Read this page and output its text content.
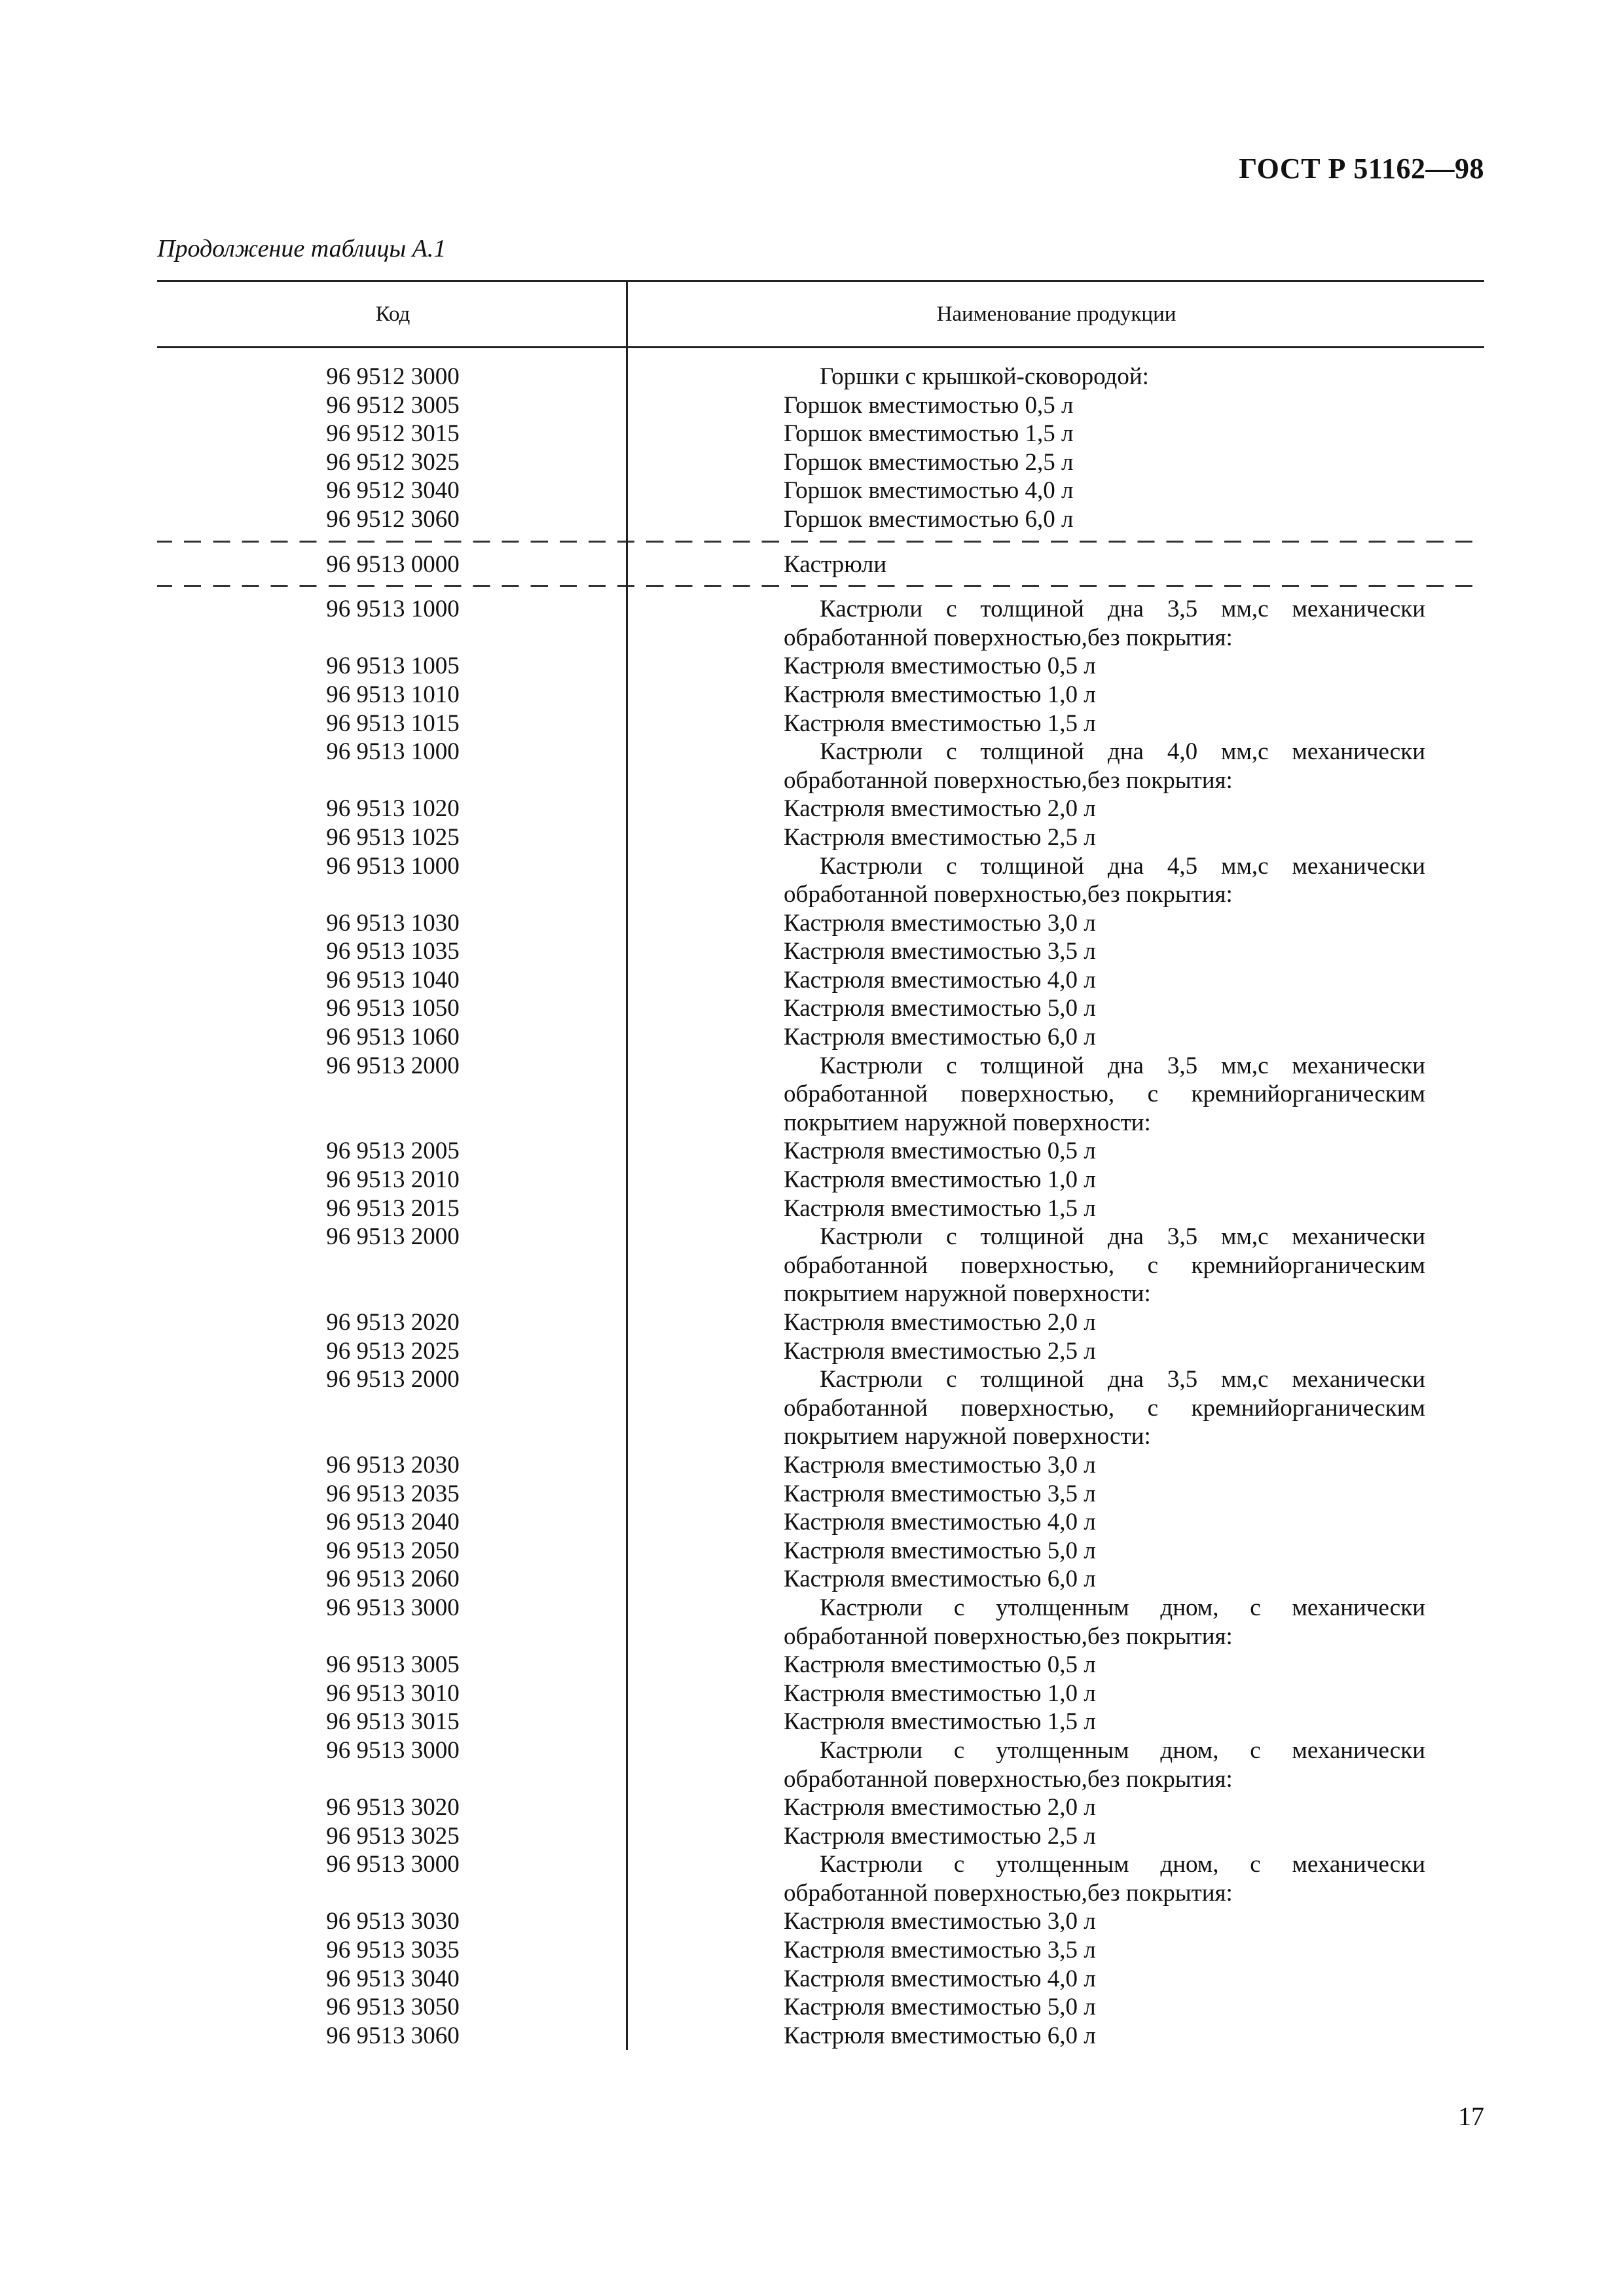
ГОСТ Р 51162—98
Продолжение таблицы А.1
Код	Наименование продукции
96 9512 3000	Горшки с крышкой-сковородой:
96 9512 3005	Горшок вместимостью 0,5 л
96 9512 3015	Горшок вместимостью 1,5 л
96 9512 3025	Горшок вместимостью 2,5 л
96 9512 3040	Горшок вместимостью 4,0 л
96 9512 3060	Горшок вместимостью 6,0 л
96 9513 0000	Кастрюли
96 9513 1000	Кастрюли с толщиной дна 3,5 мм,с механически обработанной поверхностью,без покрытия:
96 9513 1005	Кастрюля вместимостью 0,5 л
96 9513 1010	Кастрюля вместимостью 1,0 л
96 9513 1015	Кастрюля вместимостью 1,5 л
96 9513 1000	Кастрюли с толщиной дна 4,0 мм,с механически обработанной поверхностью,без покрытия:
96 9513 1020	Кастрюля вместимостью 2,0 л
96 9513 1025	Кастрюля вместимостью 2,5 л
96 9513 1000	Кастрюли с толщиной дна 4,5 мм,с механически обработанной поверхностью,без покрытия:
96 9513 1030	Кастрюля вместимостью 3,0 л
96 9513 1035	Кастрюля вместимостью 3,5 л
96 9513 1040	Кастрюля вместимостью 4,0 л
96 9513 1050	Кастрюля вместимостью 5,0 л
96 9513 1060	Кастрюля вместимостью 6,0 л
96 9513 2000	Кастрюли с толщиной дна 3,5 мм,с механически обработанной поверхностью, с кремнийорганическим покрытием наружной поверхности:
96 9513 2005	Кастрюля вместимостью 0,5 л
96 9513 2010	Кастрюля вместимостью 1,0 л
96 9513 2015	Кастрюля вместимостью 1,5 л
96 9513 2000	Кастрюли с толщиной дна 3,5 мм,с механически обработанной поверхностью, с кремнийорганическим покрытием наружной поверхности:
96 9513 2020	Кастрюля вместимостью 2,0 л
96 9513 2025	Кастрюля вместимостью 2,5 л
96 9513 2000	Кастрюли с толщиной дна 3,5 мм,с механически обработанной поверхностью, с кремнийорганическим покрытием наружной поверхности:
96 9513 2030	Кастрюля вместимостью 3,0 л
96 9513 2035	Кастрюля вместимостью 3,5 л
96 9513 2040	Кастрюля вместимостью 4,0 л
96 9513 2050	Кастрюля вместимостью 5,0 л
96 9513 2060	Кастрюля вместимостью 6,0 л
96 9513 3000	Кастрюли с утолщенным дном, с механически обработанной поверхностью,без покрытия:
96 9513 3005	Кастрюля вместимостью 0,5 л
96 9513 3010	Кастрюля вместимостью 1,0 л
96 9513 3015	Кастрюля вместимостью 1,5 л
96 9513 3000	Кастрюли с утолщенным дном, с механически обработанной поверхностью,без покрытия:
96 9513 3020	Кастрюля вместимостью 2,0 л
96 9513 3025	Кастрюля вместимостью 2,5 л
96 9513 3000	Кастрюли с утолщенным дном, с механически обработанной поверхностью,без покрытия:
96 9513 3030	Кастрюля вместимостью 3,0 л
96 9513 3035	Кастрюля вместимостью 3,5 л
96 9513 3040	Кастрюля вместимостью 4,0 л
96 9513 3050	Кастрюля вместимостью 5,0 л
96 9513 3060	Кастрюля вместимостью 6,0 л
17
